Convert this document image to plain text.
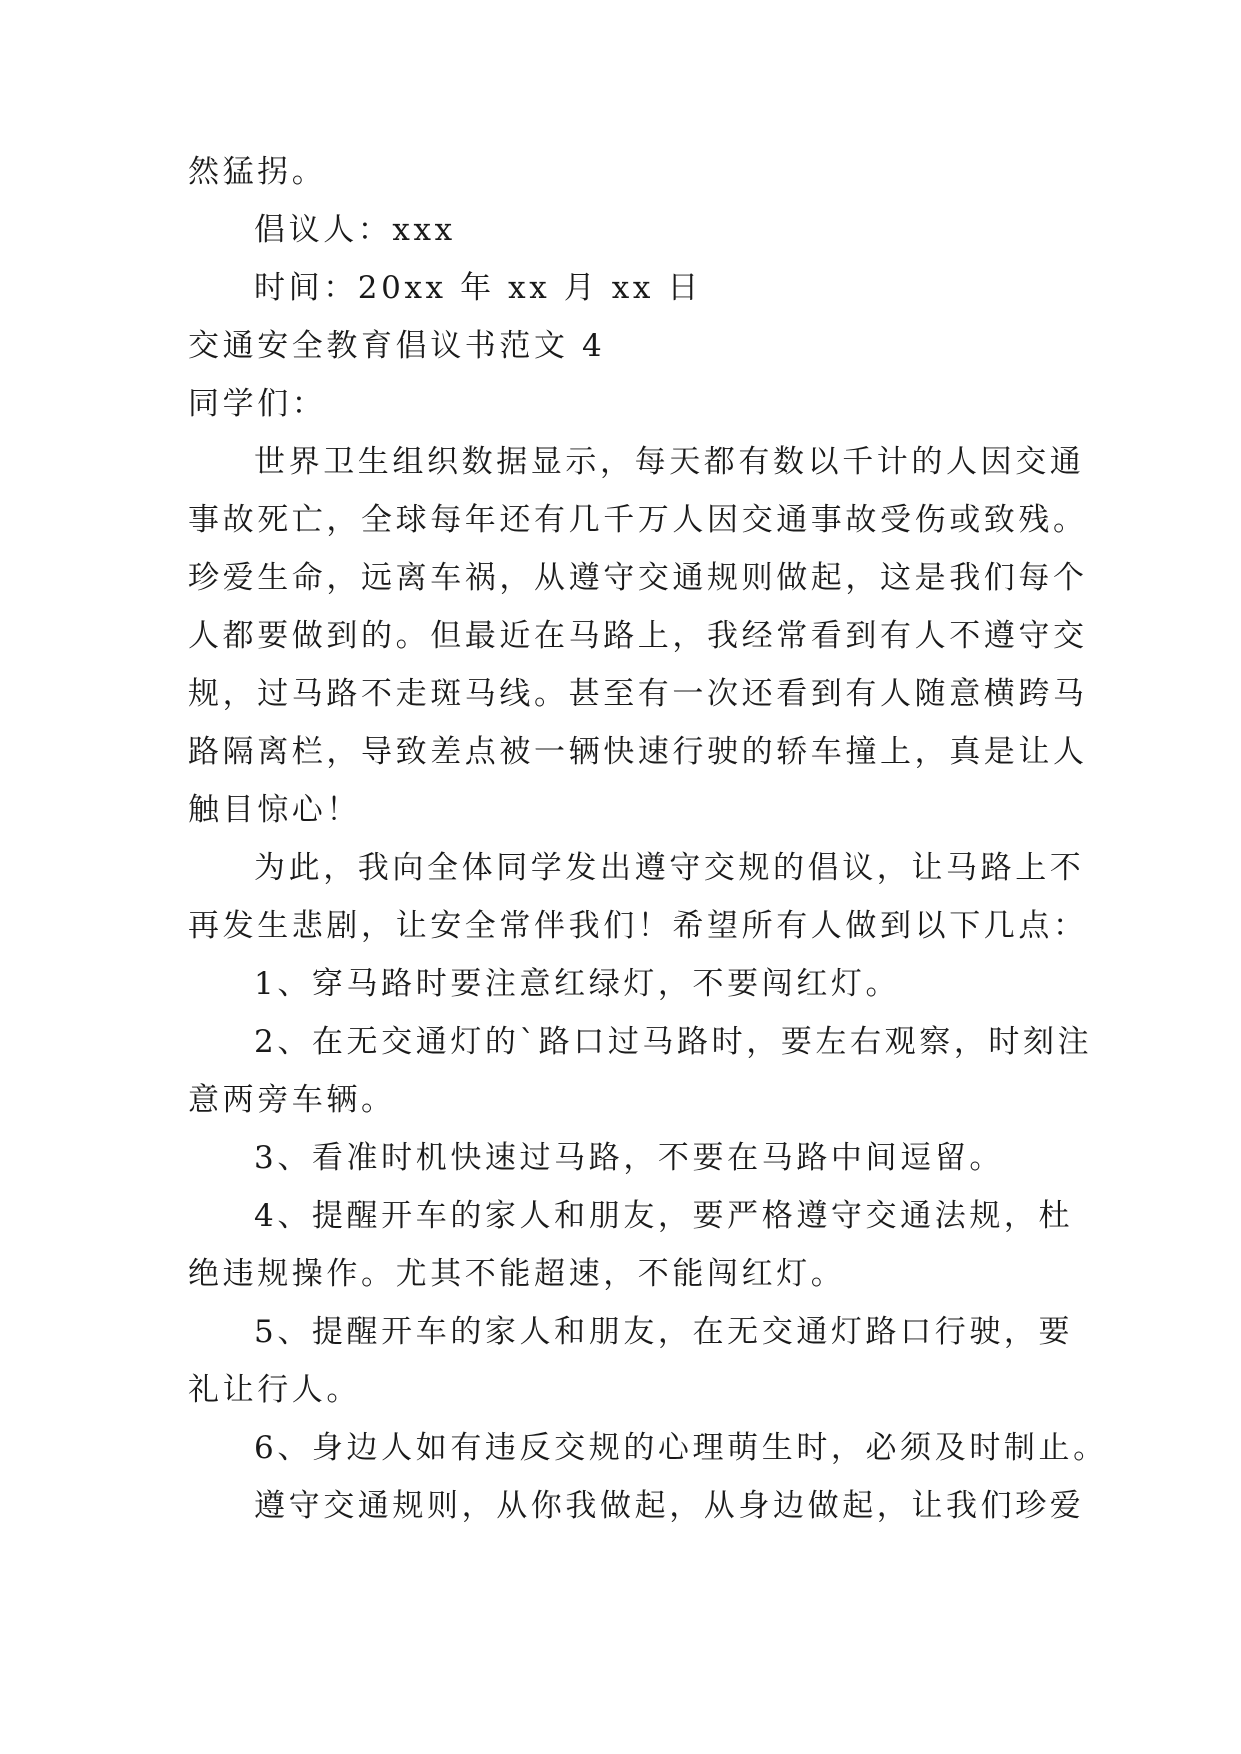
然猛拐。
倡议人：xxx
时间：20xx 年 xx 月 xx 日
交通安全教育倡议书范文 4
同学们：
世界卫生组织数据显示，每天都有数以千计的人因交通
事故死亡，全球每年还有几千万人因交通事故受伤或致残。
珍爱生命，远离车祸，从遵守交通规则做起，这是我们每个
人都要做到的。但最近在马路上，我经常看到有人不遵守交
规，过马路不走斑马线。甚至有一次还看到有人随意横跨马
路隔离栏，导致差点被一辆快速行驶的轿车撞上，真是让人
触目惊心！
为此，我向全体同学发出遵守交规的倡议，让马路上不
再发生悲剧，让安全常伴我们！希望所有人做到以下几点：
1、穿马路时要注意红绿灯，不要闯红灯。
2、在无交通灯的`路口过马路时，要左右观察，时刻注
意两旁车辆。
3、看准时机快速过马路，不要在马路中间逗留。
4、提醒开车的家人和朋友，要严格遵守交通法规，杜
绝违规操作。尤其不能超速，不能闯红灯。
5、提醒开车的家人和朋友，在无交通灯路口行驶，要
礼让行人。
6、身边人如有违反交规的心理萌生时，必须及时制止。
遵守交通规则，从你我做起，从身边做起，让我们珍爱
